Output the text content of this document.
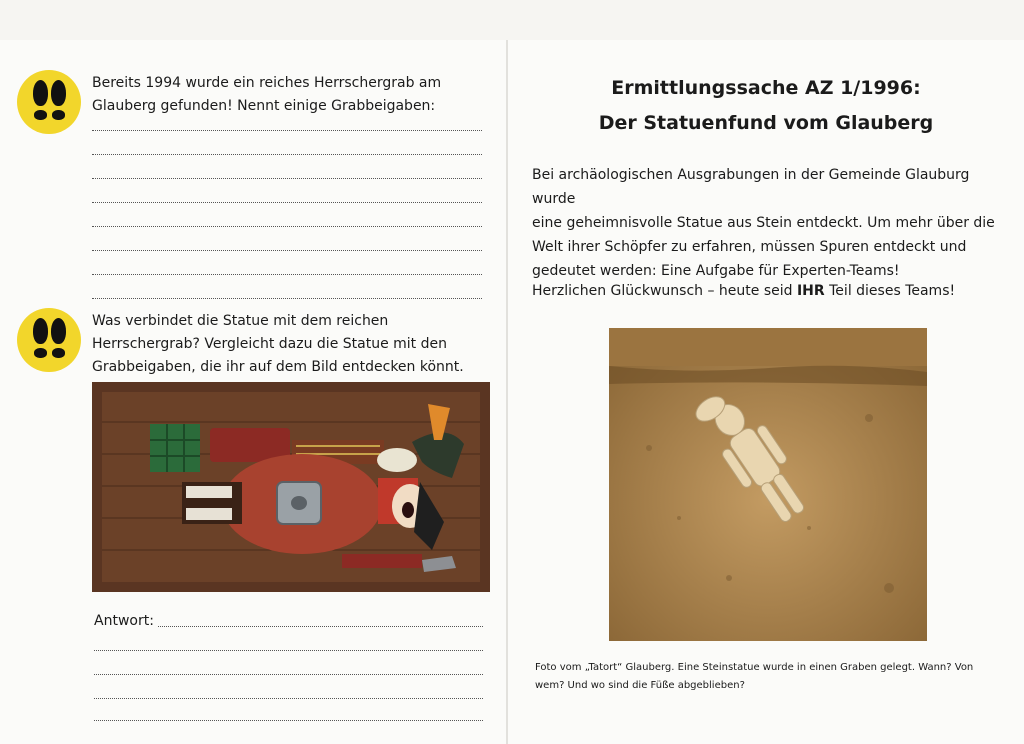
Bereits 1994 wurde ein reiches Herrschergrab am
Glauberg gefunden! Nennt einige Grabbeigaben:
Was verbindet die Statue mit dem reichen
Herrschergrab? Vergleicht dazu die Statue mit den
Grabbeigaben, die ihr auf dem Bild entdecken könnt.
Antwort:
Ermittlungssache AZ 1/1996:
Der Statuenfund vom Glauberg
Bei archäologischen Ausgrabungen in der Gemeinde Glauburg wurde
eine geheimnisvolle Statue aus Stein entdeckt. Um mehr über die
Welt ihrer Schöpfer zu erfahren, müssen Spuren entdeckt und
gedeutet werden: Eine Aufgabe für Experten-Teams!
Herzlichen Glückwunsch – heute seid IHR Teil dieses Teams!
Foto vom „Tatort“ Glauberg. Eine Steinstatue wurde in einen Graben gelegt. Wann? Von
wem? Und wo sind die Füße abgeblieben?
